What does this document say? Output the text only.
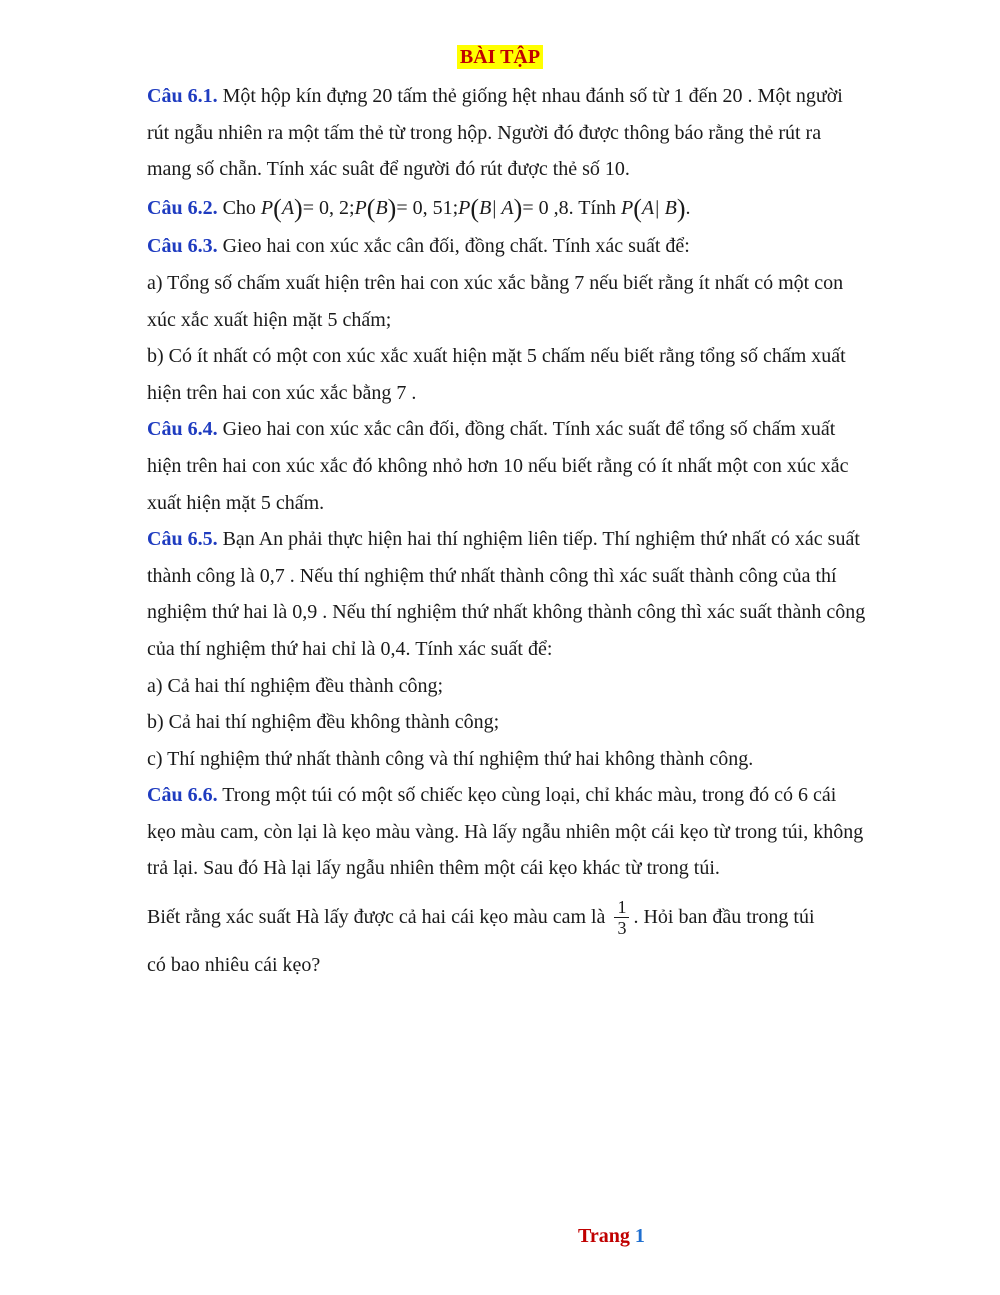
BÀI TẬP

Câu 6.1. Một hộp kín đựng 20 tấm thẻ giống hệt nhau đánh số từ 1 đến 20 . Một người rút ngẫu nhiên ra một tấm thẻ từ trong hộp. Người đó được thông báo rằng thẻ rút ra mang số chẵn. Tính xác suât để người đó rút được thẻ số 10.

Câu 6.2. Cho P(A)= 0, 2;P(B)= 0, 51;P(B| A)= 0 ,8. Tính P(A| B).

Câu 6.3. Gieo hai con xúc xắc cân đối, đồng chất. Tính xác suất để:

a) Tổng số chấm xuất hiện trên hai con xúc xắc bằng 7 nếu biết rằng ít nhất có một con xúc xắc xuất hiện mặt 5 chấm;

b) Có ít nhất có một con xúc xắc xuất hiện mặt 5 chấm nếu biết rằng tổng số chấm xuất hiện trên hai con xúc xắc bằng 7 .

Câu 6.4. Gieo hai con xúc xắc cân đối, đồng chất. Tính xác suất để tổng số chấm xuất hiện trên hai con xúc xắc đó không nhỏ hơn 10 nếu biết rằng có ít nhất một con xúc xắc xuất hiện mặt 5 chấm.

Câu 6.5. Bạn An phải thực hiện hai thí nghiệm liên tiếp. Thí nghiệm thứ nhất có xác suất thành công là 0,7 . Nếu thí nghiệm thứ nhất thành công thì xác suất thành công của thí nghiệm thứ hai là 0,9 . Nếu thí nghiệm thứ nhất không thành công thì xác suất thành công của thí nghiệm thứ hai chỉ là 0,4. Tính xác suất để:

a) Cả hai thí nghiệm đều thành công;

b) Cả hai thí nghiệm đều không thành công;

c) Thí nghiệm thứ nhất thành công và thí nghiệm thứ hai không thành công.

Câu 6.6. Trong một túi có một số chiếc kẹo cùng loại, chỉ khác màu, trong đó có 6 cái kẹo màu cam, còn lại là kẹo màu vàng. Hà lấy ngẫu nhiên một cái kẹo từ trong túi, không trả lại. Sau đó Hà lại lấy ngẫu nhiên thêm một cái kẹo khác từ trong túi.

Biết rằng xác suất Hà lấy được cả hai cái kẹo màu cam là $\frac{1}{3}$ . Hỏi ban đầu trong túi

có bao nhiêu cái kẹo?

Trang 1
